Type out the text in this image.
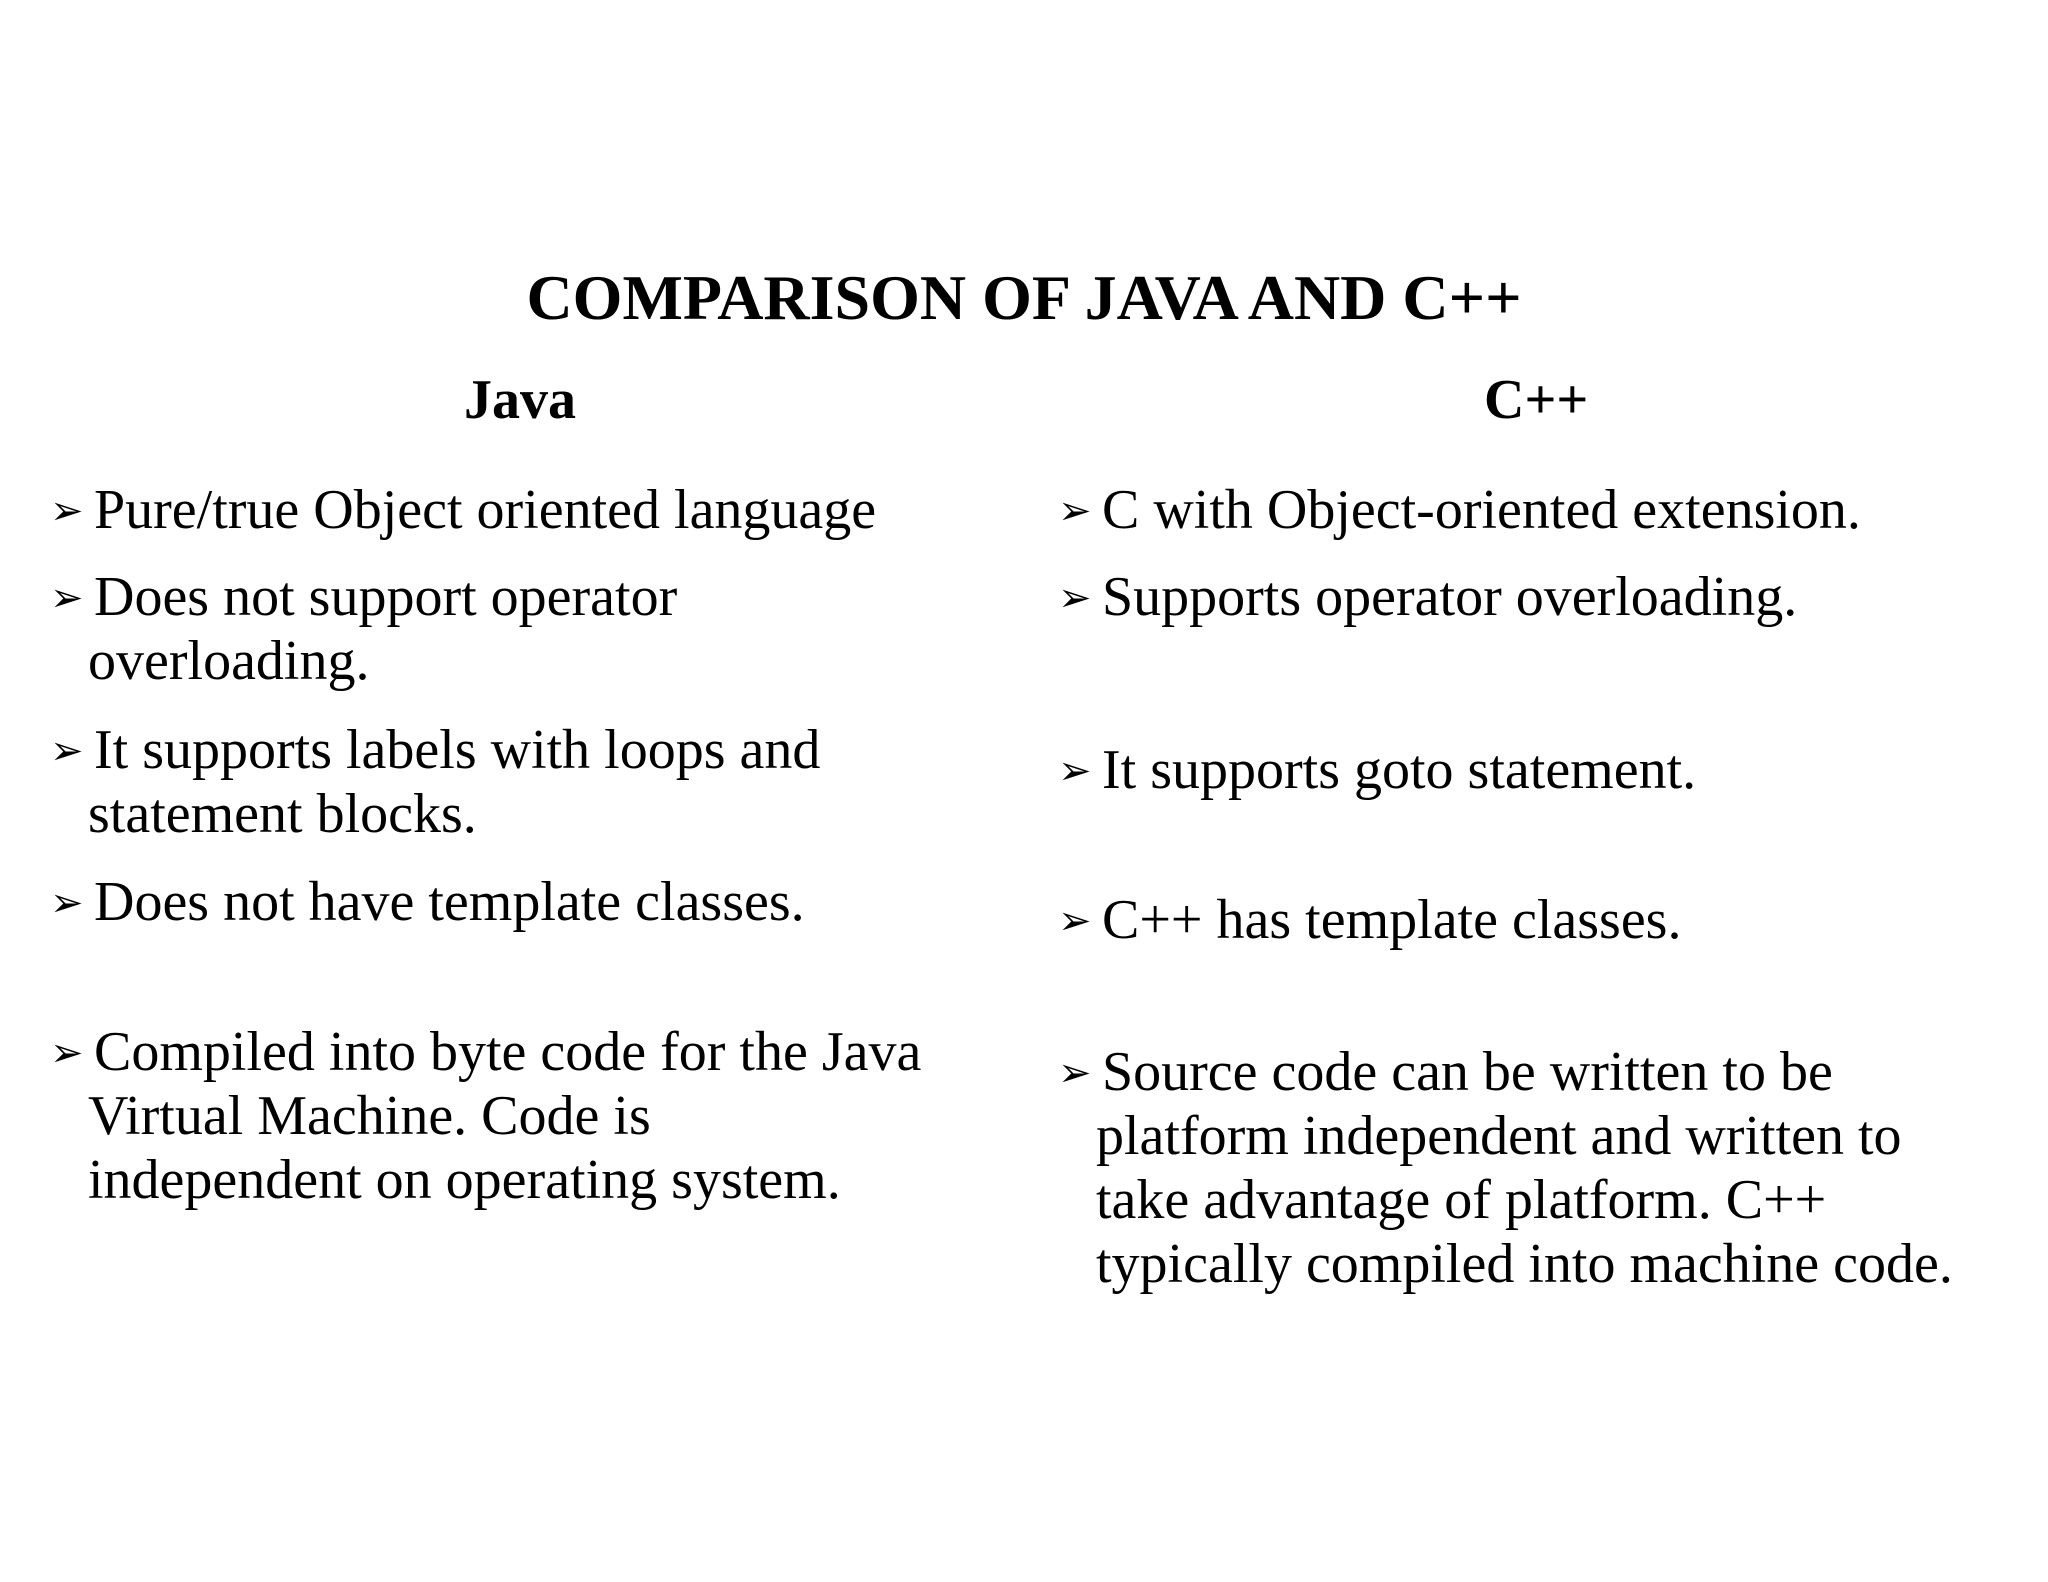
COMPARISON OF JAVA AND C++
Java	C++
➢ Pure/true Object oriented language
➢ Does not support operator
overloading.
➢ It supports labels with loops and
statement blocks.
➢ Does not have template classes.
➢ Compiled into byte code for the Java
Virtual Machine. Code is
independent on operating system.
➢ C with Object-oriented extension.
➢ Supports operator overloading.
➢ It supports goto statement.
➢ C++ has template classes.
➢ Source code can be written to be
platform independent and written to
take advantage of platform. C++
typically compiled into machine code.
